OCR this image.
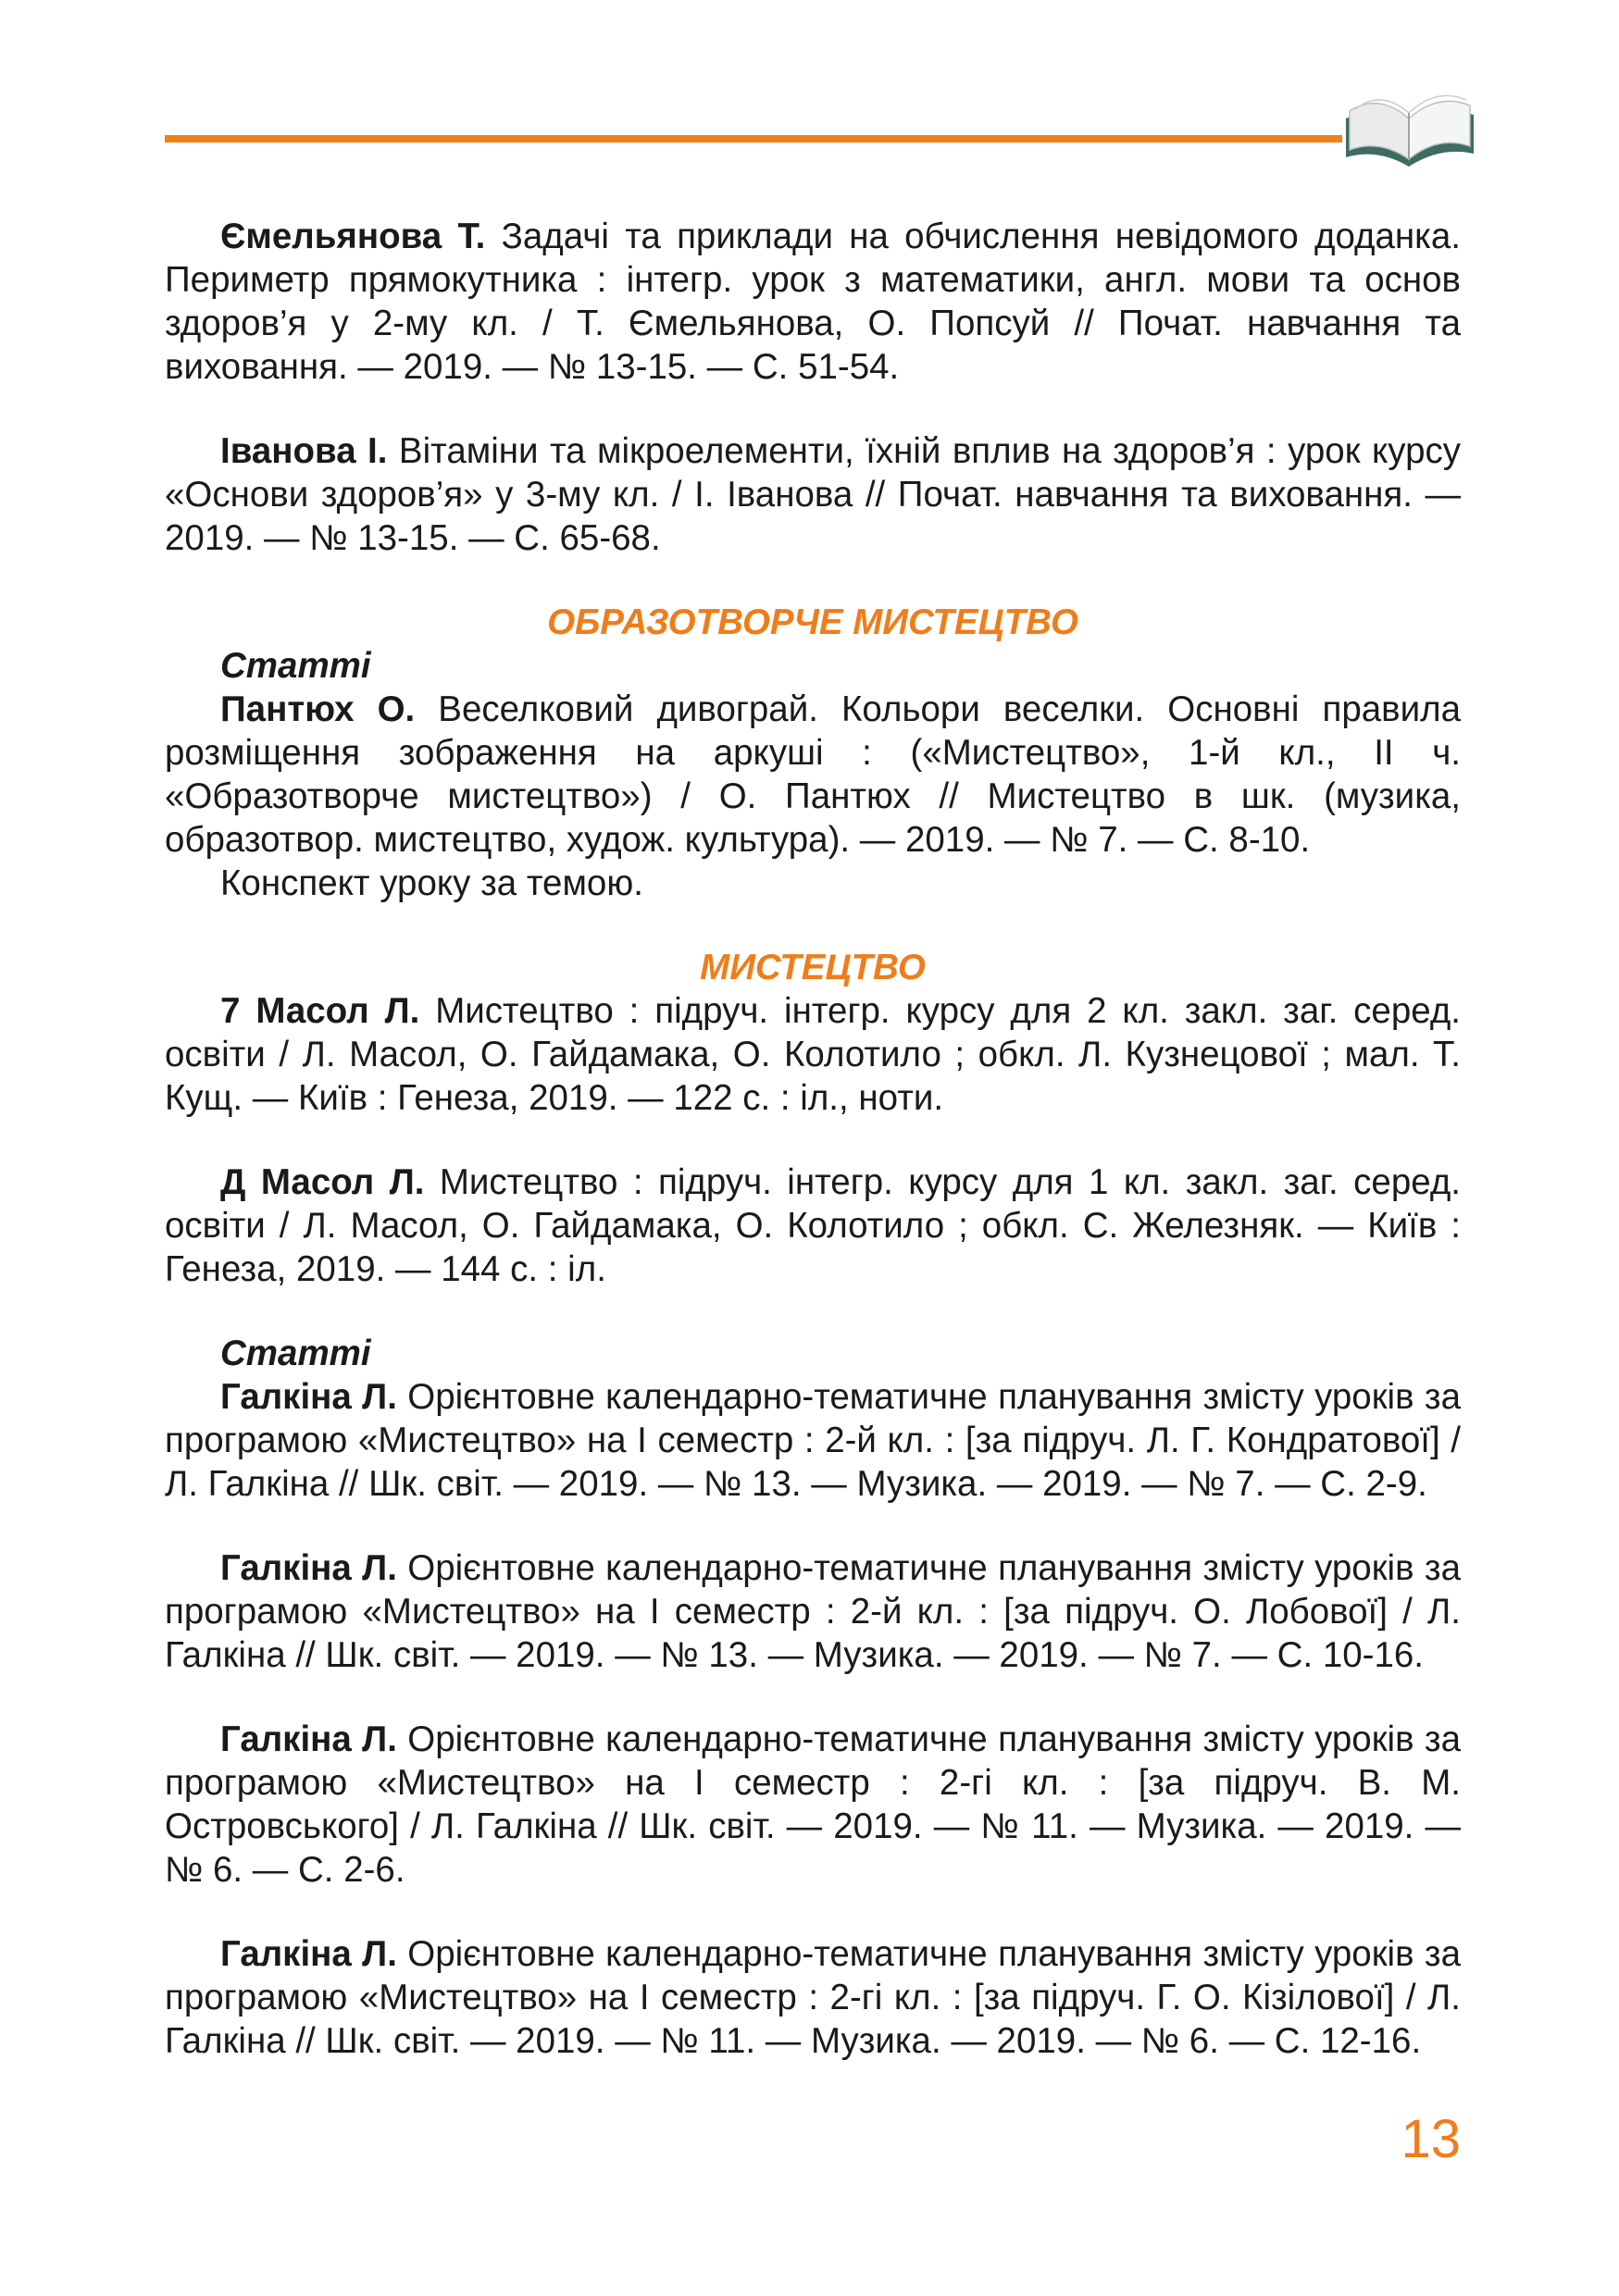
Ємельянова Т. Задачі та приклади на обчислення невідомого доданка. Периметр прямокутника : інтегр. урок з математики, англ. мови та основ здоров’я у 2-му кл. / Т. Ємельянова, О. Попсуй // Почат. навчання та виховання. — 2019. — № 13-15. — С. 51-54.

Іванова І. Вітаміни та мікроелементи, їхній вплив на здоров’я : урок курсу «Основи здоров’я» у 3-му кл. / І. Іванова // Почат. навчання та виховання. — 2019. — № 13-15. — С. 65-68.

ОБРАЗОТВОРЧЕ МИСТЕЦТВО

Статті

Пантюх О. Веселковий дивограй. Кольори веселки. Основні правила розміщення зображення на аркуші : («Мистецтво», 1-й кл., ІІ ч. «Образотворче мистецтво») / О. Пантюх // Мистецтво в шк. (музика, образотвор. мистецтво, худож. культура). — 2019. — № 7. — С. 8-10.

Конспект уроку за темою.

МИСТЕЦТВО

7 Масол Л. Мистецтво : підруч. інтегр. курсу для 2 кл. закл. заг. серед. освіти / Л. Масол, О. Гайдамака, О. Колотило ; обкл. Л. Кузнецової ; мал. Т. Кущ. — Київ : Генеза, 2019. — 122 с. : іл., ноти.

Д Масол Л. Мистецтво : підруч. інтегр. курсу для 1 кл. закл. заг. серед. освіти / Л. Масол, О. Гайдамака, О. Колотило ; обкл. С. Железняк. — Київ : Генеза, 2019. — 144 с. : іл.

Статті

Галкіна Л. Орієнтовне календарно-тематичне планування змісту уроків за програмою «Мистецтво» на І семестр : 2-й кл. : [за підруч. Л. Г. Кондратової] /Л. Галкіна // Шк. світ. — 2019. — № 13. — Музика. — 2019. — № 7. — С. 2-9.

Галкіна Л. Орієнтовне календарно-тематичне планування змісту уроків за програмою «Мистецтво» на І семестр : 2-й кл. : [за підруч. О. Лобової] / Л. Галкіна // Шк. світ. — 2019. — № 13. — Музика. — 2019. — № 7. — С. 10-16.

Галкіна Л. Орієнтовне календарно-тематичне планування змісту уроків за програмою «Мистецтво» на І семестр : 2-гі кл. : [за підруч. В. М. Островського] / Л. Галкіна // Шк. світ. — 2019. — № 11. — Музика. — 2019. — № 6. — С. 2-6.

Галкіна Л. Орієнтовне календарно-тематичне планування змісту уроків за програмою «Мистецтво» на І семестр : 2-гі кл. : [за підруч. Г. О. Кізілової] / Л. Галкіна // Шк. світ. — 2019. — № 11. — Музика. — 2019. — № 6. — С. 12-16.

13
